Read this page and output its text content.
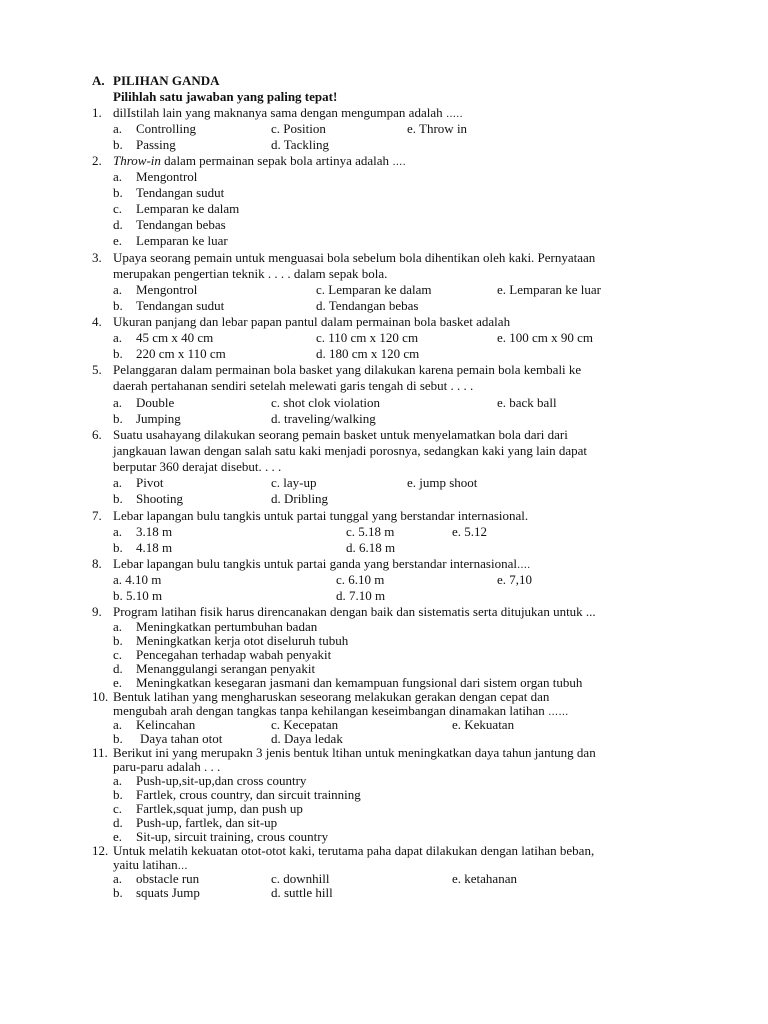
A. PILIHAN GANDA
Pilihlah satu jawaban yang paling tepat!
1. dilIstilah lain yang maknanya sama dengan mengumpan adalah …..
a. Controlling	c. Position	e. Throw in
b. Passing	d. Tackling
2. Throw-in dalam permainan sepak bola artinya adalah ….
a. Mengontrol
b. Tendangan sudut
c. Lemparan ke dalam
d. Tendangan bebas
e. Lemparan ke luar
3. Upaya seorang pemain untuk menguasai bola sebelum bola dihentikan oleh kaki. Pernyataan
merupakan pengertian teknik . . . . dalam sepak bola.
a. Mengontrol	c. Lemparan ke dalam	e. Lemparan ke luar
b. Tendangan sudut	d. Tendangan bebas
4. Ukuran panjang dan lebar papan pantul dalam permainan bola basket adalah
a. 45 cm x 40 cm	c. 110 cm x 120 cm	e. 100 cm x 90 cm
b. 220 cm x 110 cm	d. 180 cm x 120 cm
5. Pelanggaran dalam permainan bola basket yang dilakukan karena pemain bola kembali ke
daerah pertahanan sendiri setelah melewati garis tengah di sebut . . . .
a. Double	c. shot clok violation	e. back ball
b. Jumping	d. traveling/walking
6. Suatu usahayang dilakukan seorang pemain basket untuk menyelamatkan bola dari dari
jangkauan lawan dengan salah satu kaki menjadi porosnya, sedangkan kaki yang lain dapat
berputar 360 derajat disebut. . . .
a. Pivot	c. lay-up	e. jump shoot
b. Shooting	d. Dribling
7. Lebar lapangan bulu tangkis untuk partai tunggal yang berstandar internasional.
a. 3.18 m	c. 5.18 m	e. 5.12
b. 4.18 m	d. 6.18 m
8. Lebar lapangan bulu tangkis untuk partai ganda yang berstandar internasional….
a. 4.10 m	c. 6.10 m	e. 7,10
b. 5.10 m	d. 7.10 m
9. Program latihan fisik harus direncanakan dengan baik dan sistematis serta ditujukan untuk ...
a. Meningkatkan pertumbuhan badan
b. Meningkatkan kerja otot diseluruh tubuh
c. Pencegahan terhadap wabah penyakit
d. Menanggulangi serangan penyakit
e. Meningkatkan kesegaran jasmani dan kemampuan fungsional dari sistem organ tubuh
10. Bentuk latihan yang mengharuskan seseorang melakukan gerakan dengan cepat dan
mengubah arah dengan tangkas tanpa kehilangan keseimbangan dinamakan latihan ……
a. Kelincahan	c. Kecepatan	e. Kekuatan
b. Daya tahan otot	d. Daya ledak
11. Berikut ini yang merupakn 3 jenis bentuk ltihan untuk meningkatkan daya tahun jantung dan
paru-paru adalah . . .
a. Push-up,sit-up,dan cross country
b. Fartlek, crous country, dan sircuit trainning
c. Fartlek,squat jump, dan push up
d. Push-up, fartlek, dan sit-up
e. Sit-up, sircuit training, crous country
12. Untuk melatih kekuatan otot-otot kaki, terutama paha dapat dilakukan dengan latihan beban,
yaitu latihan…
a. obstacle run	c. downhill	e. ketahanan
b. squats Jump	d. suttle hill
